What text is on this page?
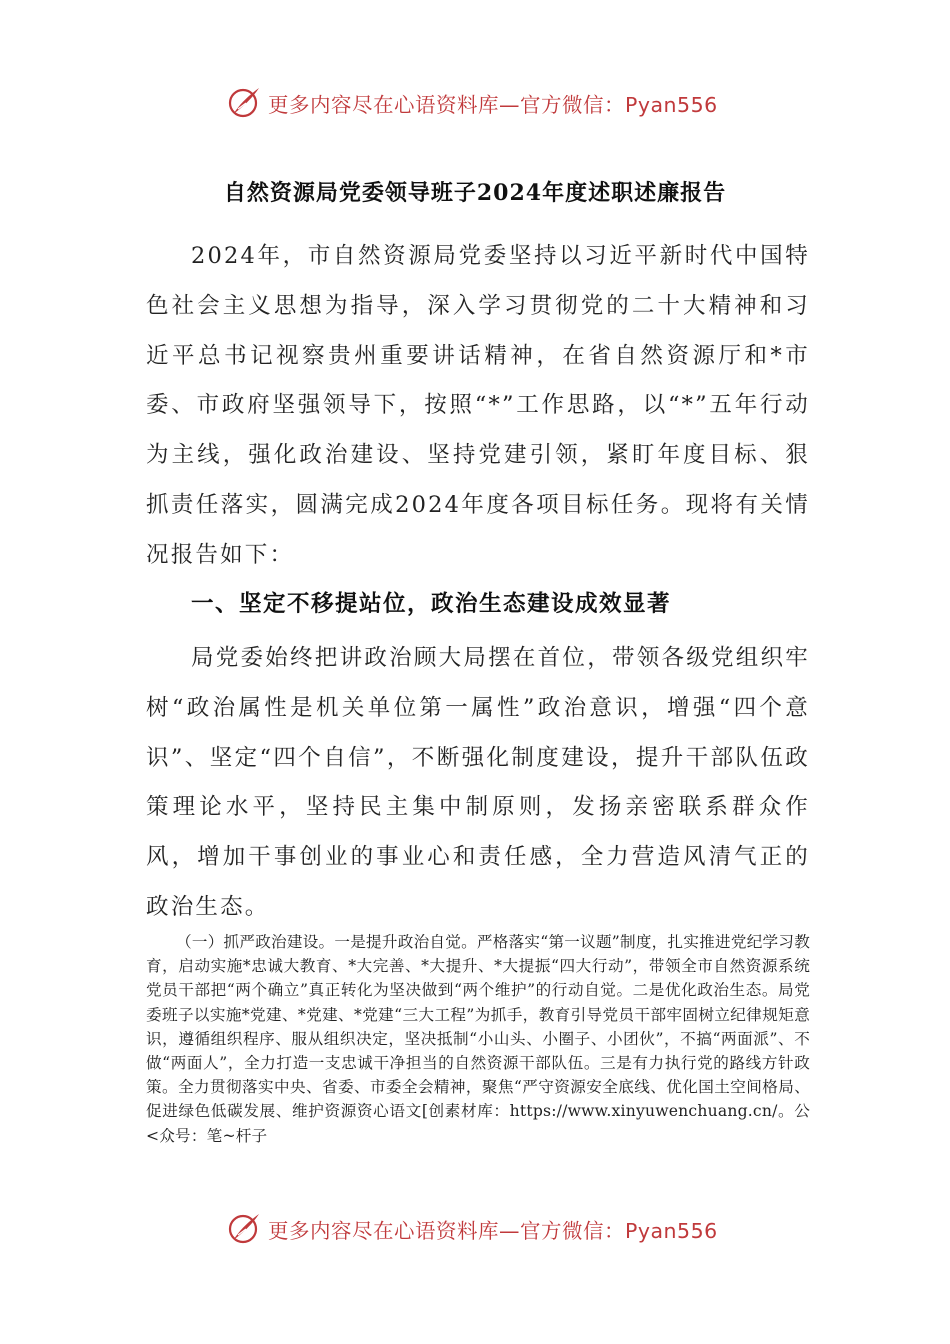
更多内容尽在心语资料库—官方微信：Pyan556
自然资源局党委领导班子2024年度述职述廉报告

2024年，市自然资源局党委坚持以习近平新时代中国特色社会主义思想为指导，深入学习贯彻党的二十大精神和习近平总书记视察贵州重要讲话精神，在省自然资源厅和*市委、市政府坚强领导下，按照“*”工作思路，以“*”五年行动为主线，强化政治建设、坚持党建引领，紧盯年度目标、狠抓责任落实，圆满完成2024年度各项目标任务。现将有关情况报告如下：

一、坚定不移提站位，政治生态建设成效显著

局党委始终把讲政治顾大局摆在首位，带领各级党组织牢树“政治属性是机关单位第一属性”政治意识，增强“四个意识”、坚定“四个自信”，不断强化制度建设，提升干部队伍政策理论水平，坚持民主集中制原则，发扬亲密联系群众作风，增加干事创业的事业心和责任感，全力营造风清气正的政治生态。

（一）抓严政治建设。一是提升政治自觉。严格落实“第一议题”制度，扎实推进党纪学习教育，启动实施*忠诚大教育、*大完善、*大提升、*大提振“四大行动”，带领全市自然资源系统党员干部把“两个确立”真正转化为坚决做到“两个维护”的行动自觉。二是优化政治生态。局党委班子以实施*党建、*党建、*党建“三大工程”为抓手，教育引导党员干部牢固树立纪律规矩意识，遵循组织程序、服从组织决定，坚决抵制“小山头、小圈子、小团伙”，不搞“两面派”、不做“两面人”，全力打造一支忠诚干净担当的自然资源干部队伍。三是有力执行党的路线方针政策。全力贯彻落实中央、省委、市委全会精神，聚焦“严守资源安全底线、优化国土空间格局、促进绿色低碳发展、维护资源资心语文[创素材库：https://www.xinyuwenchuang.cn/。公<众号：笔~杆子

更多内容尽在心语资料库—官方微信：Pyan556
